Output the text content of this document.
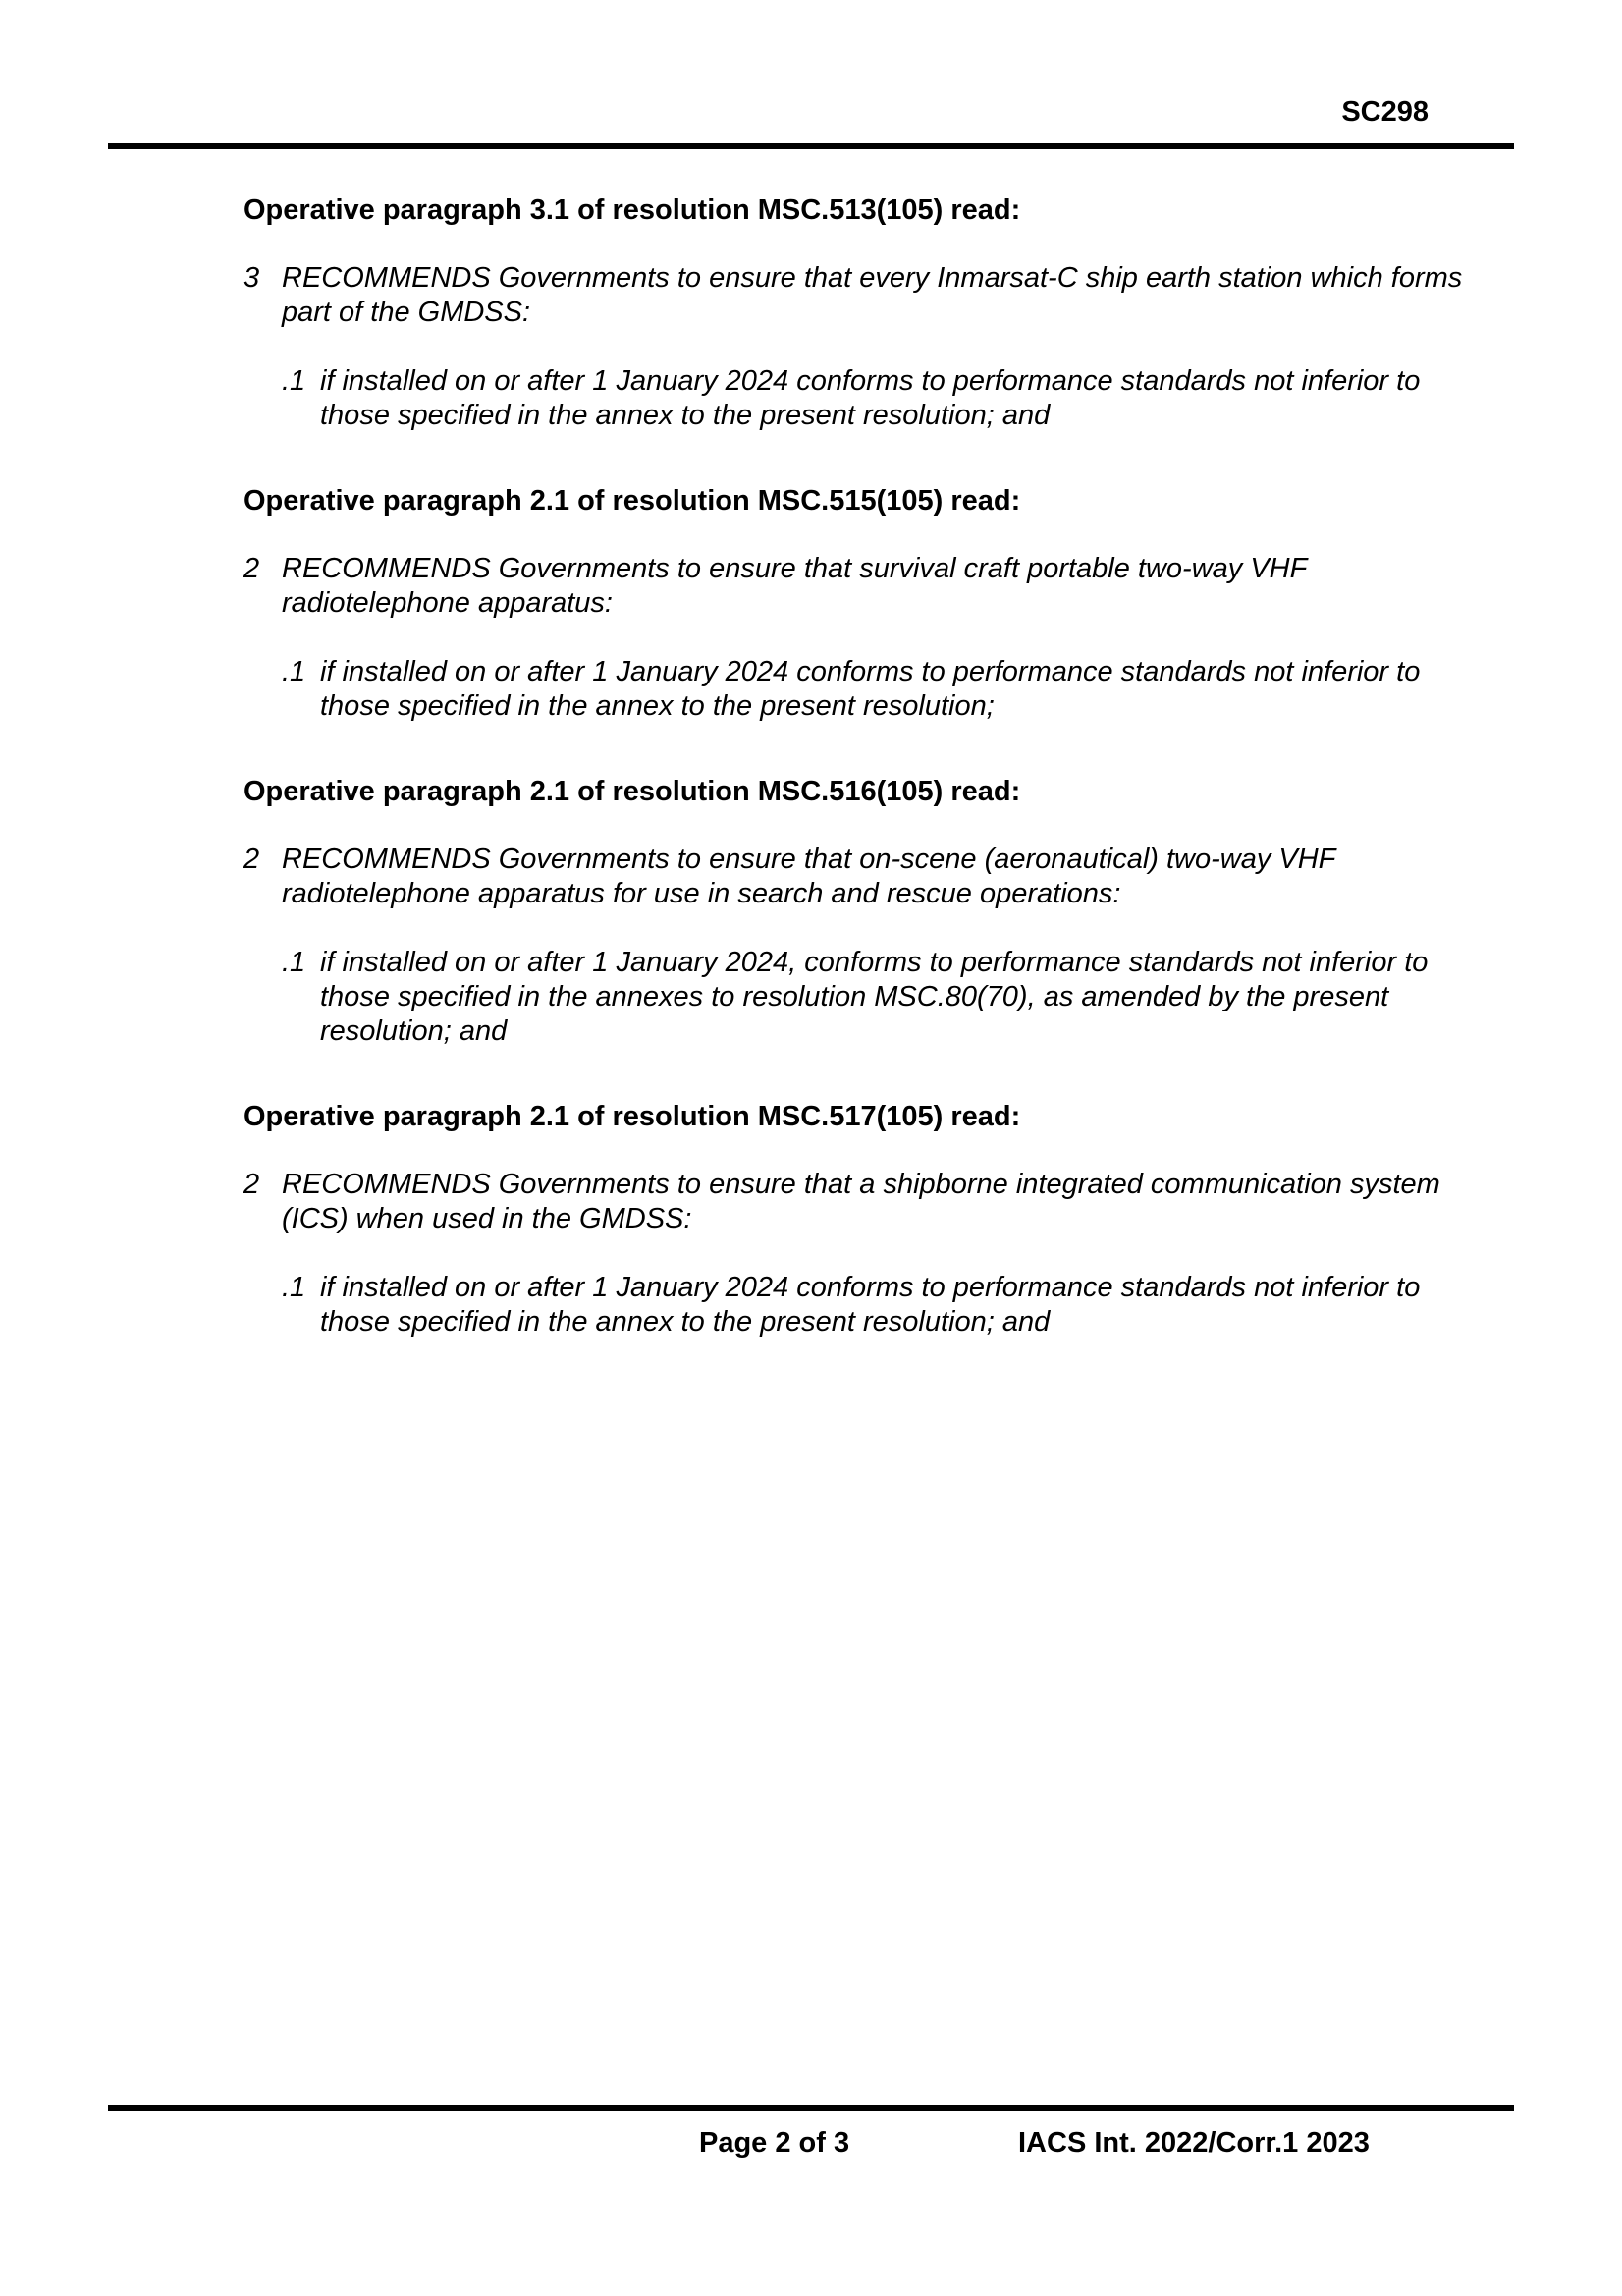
SC298
Operative paragraph 3.1 of resolution MSC.513(105) read:
3 RECOMMENDS Governments to ensure that every Inmarsat-C ship earth station which forms part of the GMDSS:
.1 if installed on or after 1 January 2024 conforms to performance standards not inferior to those specified in the annex to the present resolution; and
Operative paragraph 2.1 of resolution MSC.515(105) read:
2 RECOMMENDS Governments to ensure that survival craft portable two-way VHF radiotelephone apparatus:
.1 if installed on or after 1 January 2024 conforms to performance standards not inferior to those specified in the annex to the present resolution;
Operative paragraph 2.1 of resolution MSC.516(105) read:
2 RECOMMENDS Governments to ensure that on-scene (aeronautical) two-way VHF radiotelephone apparatus for use in search and rescue operations:
.1 if installed on or after 1 January 2024, conforms to performance standards not inferior to those specified in the annexes to resolution MSC.80(70), as amended by the present resolution; and
Operative paragraph 2.1 of resolution MSC.517(105) read:
2 RECOMMENDS Governments to ensure that a shipborne integrated communication system (ICS) when used in the GMDSS:
.1 if installed on or after 1 January 2024 conforms to performance standards not inferior to those specified in the annex to the present resolution; and
Page 2 of 3	IACS Int. 2022/Corr.1 2023
